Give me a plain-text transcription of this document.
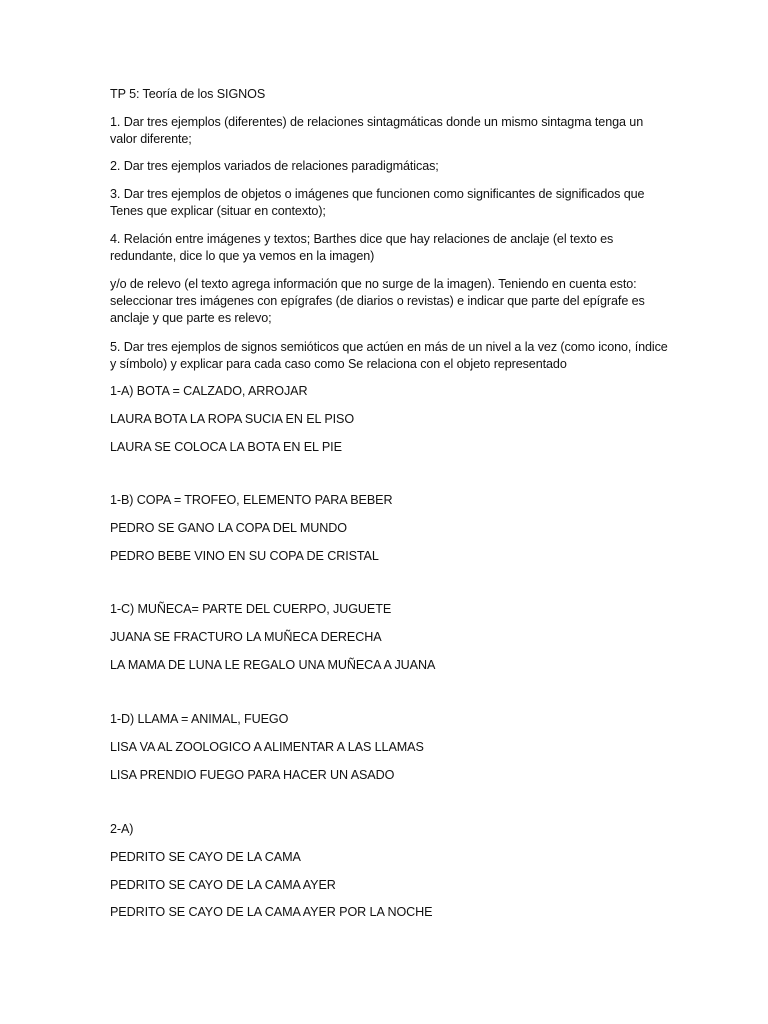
TP 5: Teoría de los SIGNOS
1. Dar tres ejemplos (diferentes) de relaciones sintagmáticas donde un mismo sintagma tenga un valor diferente;
2. Dar tres ejemplos variados de relaciones paradigmáticas;
3. Dar tres ejemplos de objetos o imágenes que funcionen como significantes de significados que Tenes que explicar (situar en contexto);
4. Relación entre imágenes y textos; Barthes dice que hay relaciones de anclaje (el texto es redundante, dice lo que ya vemos en la imagen)
y/o de relevo (el texto agrega información que no surge de la imagen). Teniendo en cuenta esto: seleccionar tres imágenes con epígrafes (de diarios o revistas) e indicar que parte del epígrafe es anclaje y que parte es relevo;
5. Dar tres ejemplos de signos semióticos que actúen en más de un nivel a la vez (como icono, índice y símbolo) y explicar para cada caso como Se relaciona con el objeto representado
1-A) BOTA = CALZADO, ARROJAR
LAURA BOTA LA ROPA SUCIA EN EL PISO
LAURA SE COLOCA LA BOTA EN EL PIE
1-B) COPA = TROFEO, ELEMENTO PARA BEBER
PEDRO SE GANO LA COPA DEL MUNDO
PEDRO BEBE VINO EN SU COPA DE CRISTAL
1-C) MUÑECA= PARTE DEL CUERPO, JUGUETE
JUANA SE FRACTURO LA MUÑECA DERECHA
LA MAMA DE LUNA LE REGALO UNA MUÑECA A JUANA
1-D) LLAMA = ANIMAL, FUEGO
LISA VA AL ZOOLOGICO A ALIMENTAR A LAS LLAMAS
LISA PRENDIO FUEGO PARA HACER UN ASADO
2-A)
PEDRITO SE CAYO DE LA CAMA
PEDRITO SE CAYO DE LA CAMA AYER
PEDRITO SE CAYO DE LA CAMA AYER POR LA NOCHE
